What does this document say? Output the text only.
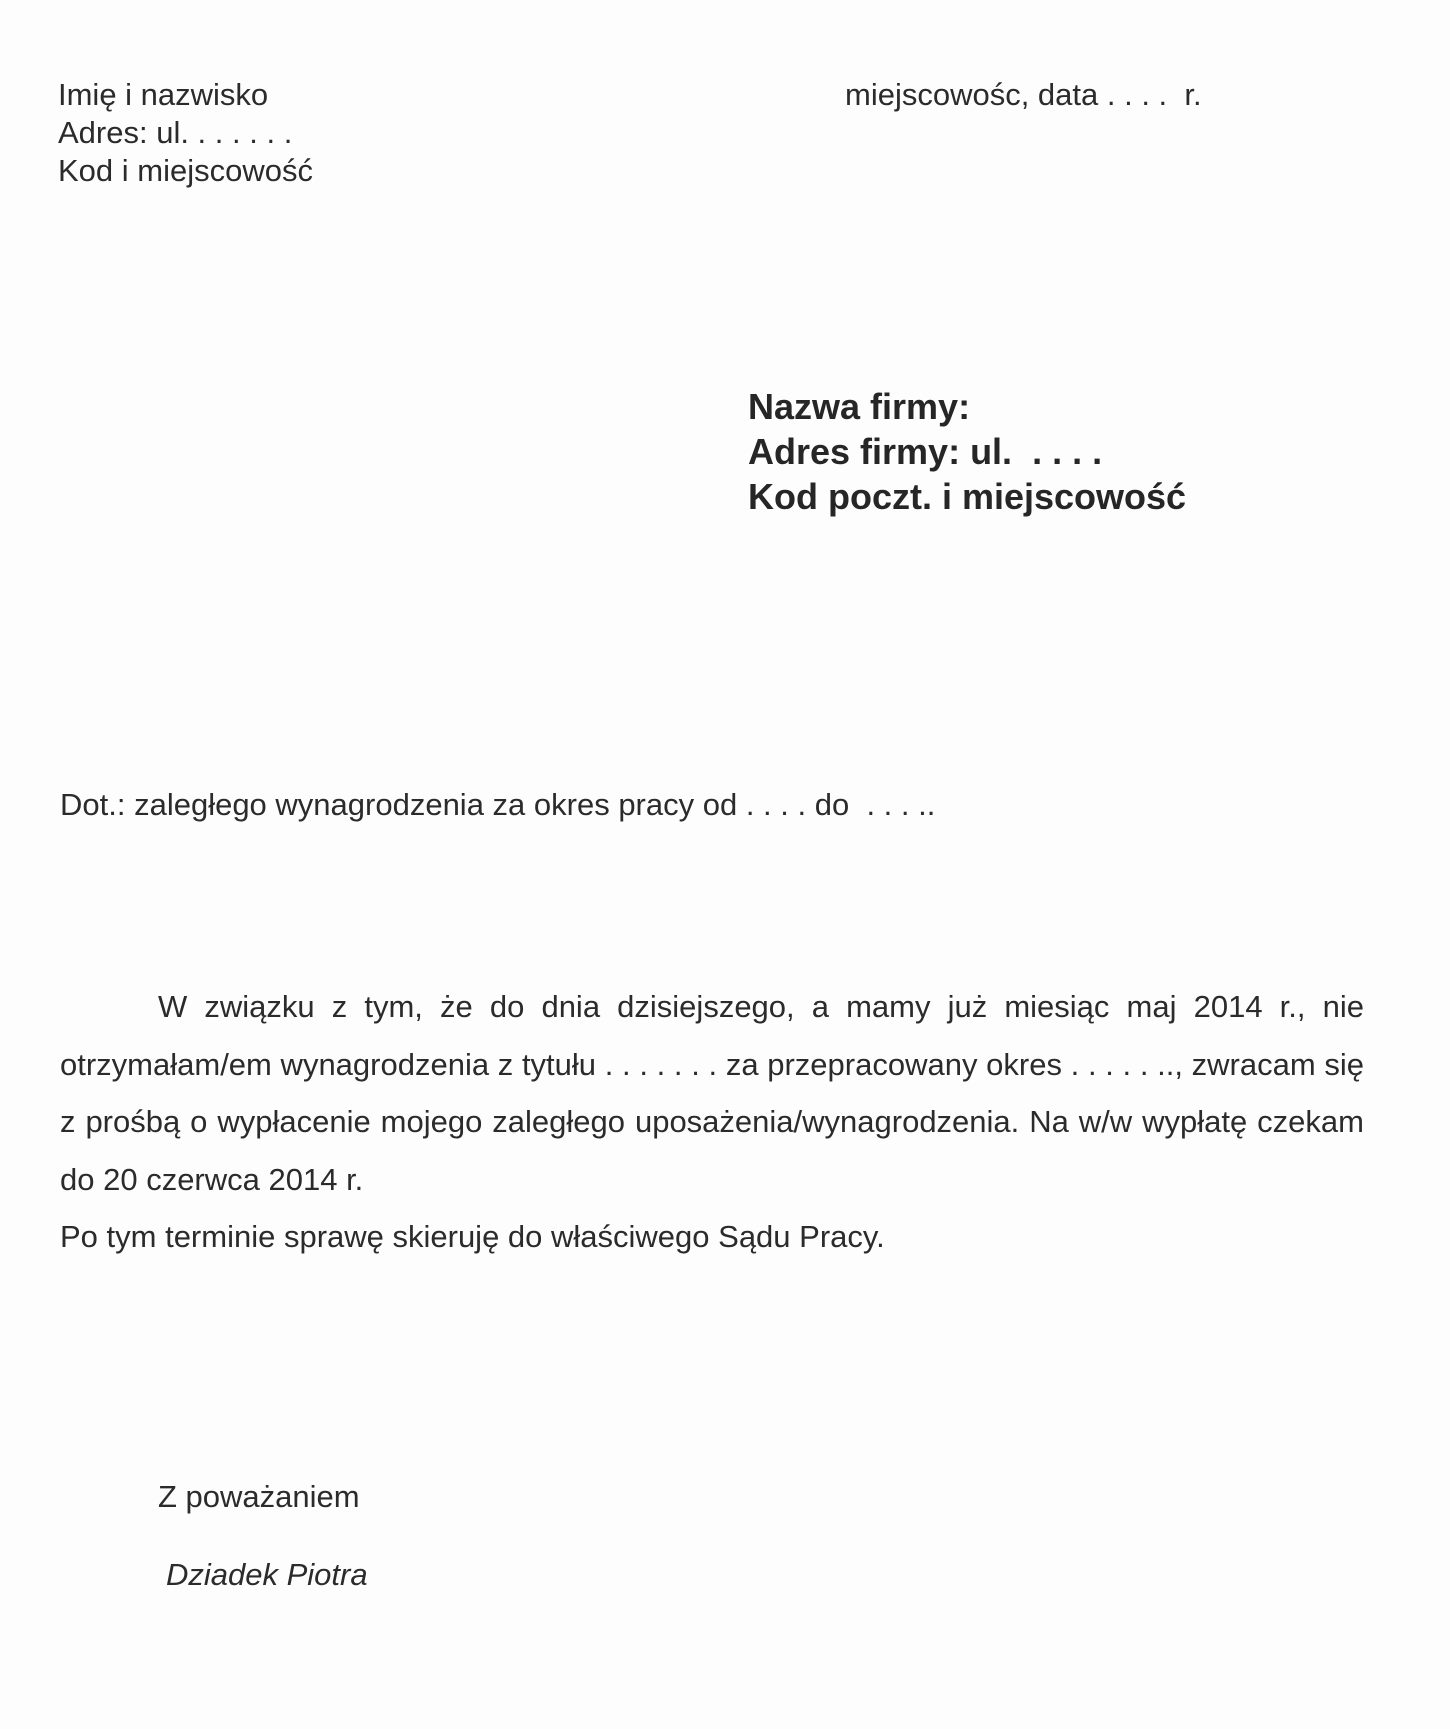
Imię i nazwisko
Adres: ul. . . . . . .
Kod i miejscowość
miejscowośc, data . . . .  r.
Nazwa firmy:
Adres firmy: ul.  . . . .
Kod poczt. i miejscowość
Dot.: zaległego wynagrodzenia za okres pracy od . . . . do  . . . ..
W związku z tym, że do dnia dzisiejszego, a mamy już miesiąc maj 2014 r., nie otrzymałam/em wynagrodzenia z tytułu . . . . . . . za przepracowany okres . . . . . .., zwracam się z prośbą o wypłacenie mojego zaległego uposażenia/wynagrodzenia. Na w/w wypłatę czekam do 20 czerwca 2014 r.
Po tym terminie sprawę skieruję do właściwego Sądu Pracy.
Z poważaniem
Dziadek Piotra
